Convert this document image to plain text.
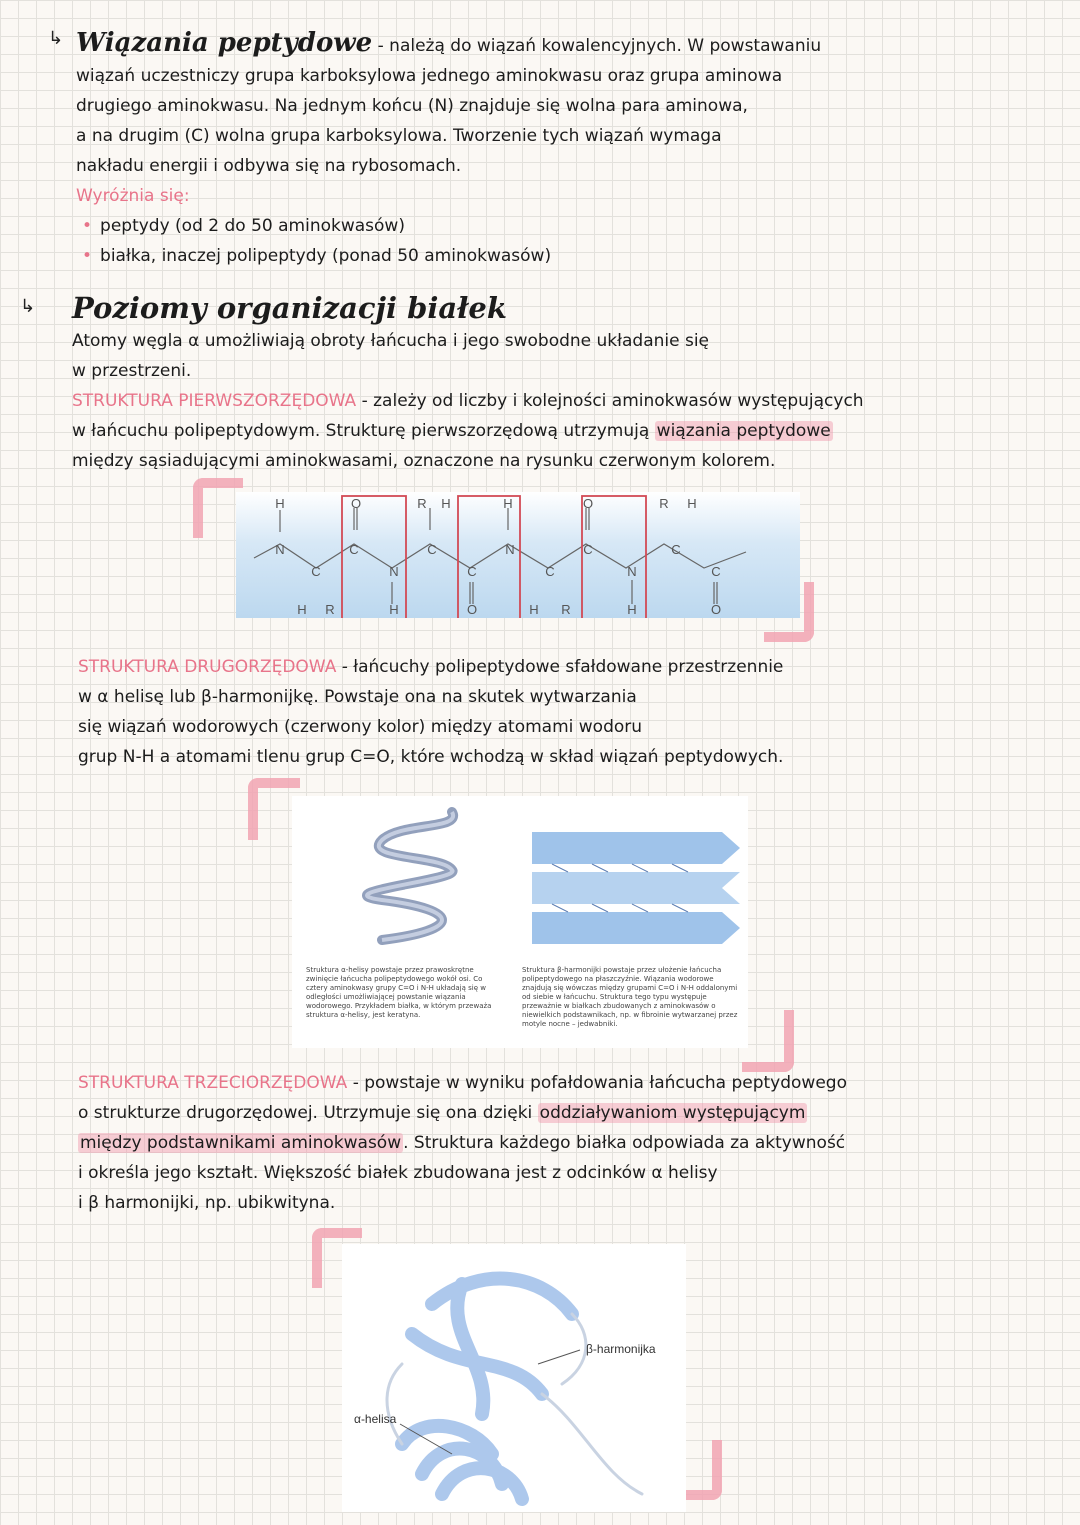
↳ Wiązania peptydowe - należą do wiązań kowalencyjnych. W powstawaniu
wiązań uczestniczy grupa karboksylowa jednego aminokwasu oraz grupa aminowa
drugiego aminokwasu. Na jednym końcu (N) znajduje się wolna para aminowa,
a na drugim (C) wolna grupa karboksylowa. Tworzenie tych wiązań wymaga
nakładu energii i odbywa się na rybosomach.
Wyróżnia się:
• peptydy (od 2 do 50 aminokwasów)
• białka, inaczej polipeptydy (ponad 50 aminokwasów)
↳ Poziomy organizacji białek
Atomy węgla α umożliwiają obroty łańcucha i jego swobodne układanie się
w przestrzeni.
STRUKTURA PIERWSZORZĘDOWA - zależy od liczby i kolejności aminokwasów występujących
w łańcuchu polipeptydowym. Strukturę pierwszorzędową utrzymują wiązania peptydowe
między sąsiadującymi aminokwasami, oznaczone na rysunku czerwonym kolorem.
H	O	R H	H	O	R H
N
C
C
N
C
C
N
C
C
N
C
C
H R	H	O	H R	H	O
STRUKTURA DRUGORZĘDOWA - łańcuchy polipeptydowe sfałdowane przestrzennie
w α helisę lub β-harmonijkę. Powstaje ona na skutek wytwarzania
się wiązań wodorowych (czerwony kolor) między atomami wodoru
grup N-H a atomami tlenu grup C=O, które wchodzą w skład wiązań peptydowych.
Struktura α-helisy powstaje przez prawoskrętne zwinięcie łańcucha polipeptydowego wokół osi. Co cztery aminokwasy grupy C=O i N-H układają się w odległości umożliwiającej powstanie wiązania wodorowego. Przykładem białka, w którym przeważa struktura α-helisy, jest keratyna.
Struktura β-harmonijki powstaje przez ułożenie łańcucha polipeptydowego na płaszczyźnie. Wiązania wodorowe znajdują się wówczas między grupami C=O i N-H oddalonymi od siebie w łańcuchu. Struktura tego typu występuje przeważnie w białkach zbudowanych z aminokwasów o niewielkich podstawnikach, np. w fibroinie wytwarzanej przez motyle nocne – jedwabniki.
STRUKTURA TRZECIORZĘDOWA - powstaje w wyniku pofałdowania łańcucha peptydowego
o strukturze drugorzędowej. Utrzymuje się ona dzięki oddziaływaniom występującym
między podstawnikami aminokwasów . Struktura każdego białka odpowiada za aktywność
i określa jego kształt. Większość białek zbudowana jest z odcinków α helisy
i β harmonijki, np. ubikwityna.
β-harmonijka
α-helisa
